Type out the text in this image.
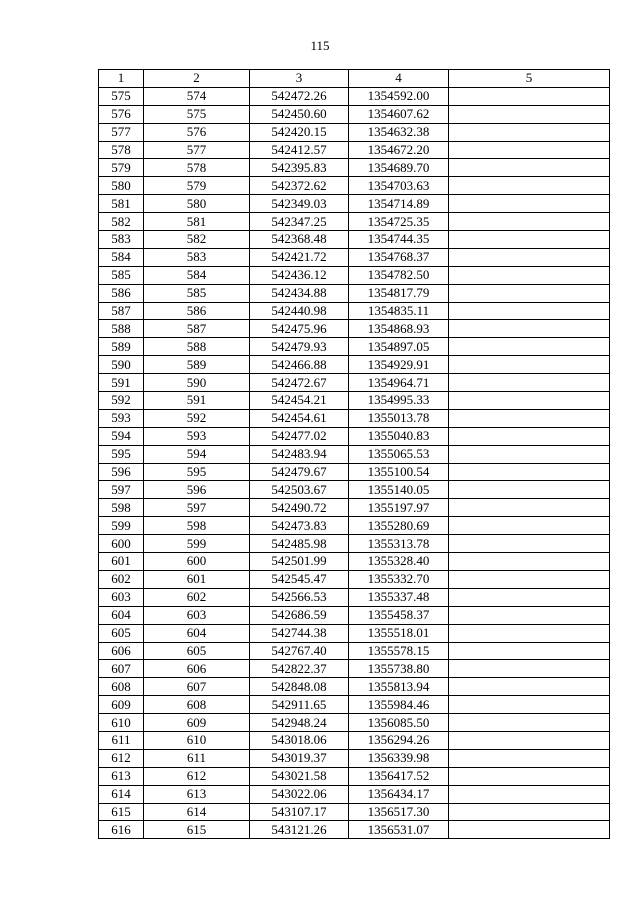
115
1	2	3	4	5
575	574	542472.26	1354592.00	
576	575	542450.60	1354607.62	
577	576	542420.15	1354632.38	
578	577	542412.57	1354672.20	
579	578	542395.83	1354689.70	
580	579	542372.62	1354703.63	
581	580	542349.03	1354714.89	
582	581	542347.25	1354725.35	
583	582	542368.48	1354744.35	
584	583	542421.72	1354768.37	
585	584	542436.12	1354782.50	
586	585	542434.88	1354817.79	
587	586	542440.98	1354835.11	
588	587	542475.96	1354868.93	
589	588	542479.93	1354897.05	
590	589	542466.88	1354929.91	
591	590	542472.67	1354964.71	
592	591	542454.21	1354995.33	
593	592	542454.61	1355013.78	
594	593	542477.02	1355040.83	
595	594	542483.94	1355065.53	
596	595	542479.67	1355100.54	
597	596	542503.67	1355140.05	
598	597	542490.72	1355197.97	
599	598	542473.83	1355280.69	
600	599	542485.98	1355313.78	
601	600	542501.99	1355328.40	
602	601	542545.47	1355332.70	
603	602	542566.53	1355337.48	
604	603	542686.59	1355458.37	
605	604	542744.38	1355518.01	
606	605	542767.40	1355578.15	
607	606	542822.37	1355738.80	
608	607	542848.08	1355813.94	
609	608	542911.65	1355984.46	
610	609	542948.24	1356085.50	
611	610	543018.06	1356294.26	
612	611	543019.37	1356339.98	
613	612	543021.58	1356417.52	
614	613	543022.06	1356434.17	
615	614	543107.17	1356517.30	
616	615	543121.26	1356531.07	
